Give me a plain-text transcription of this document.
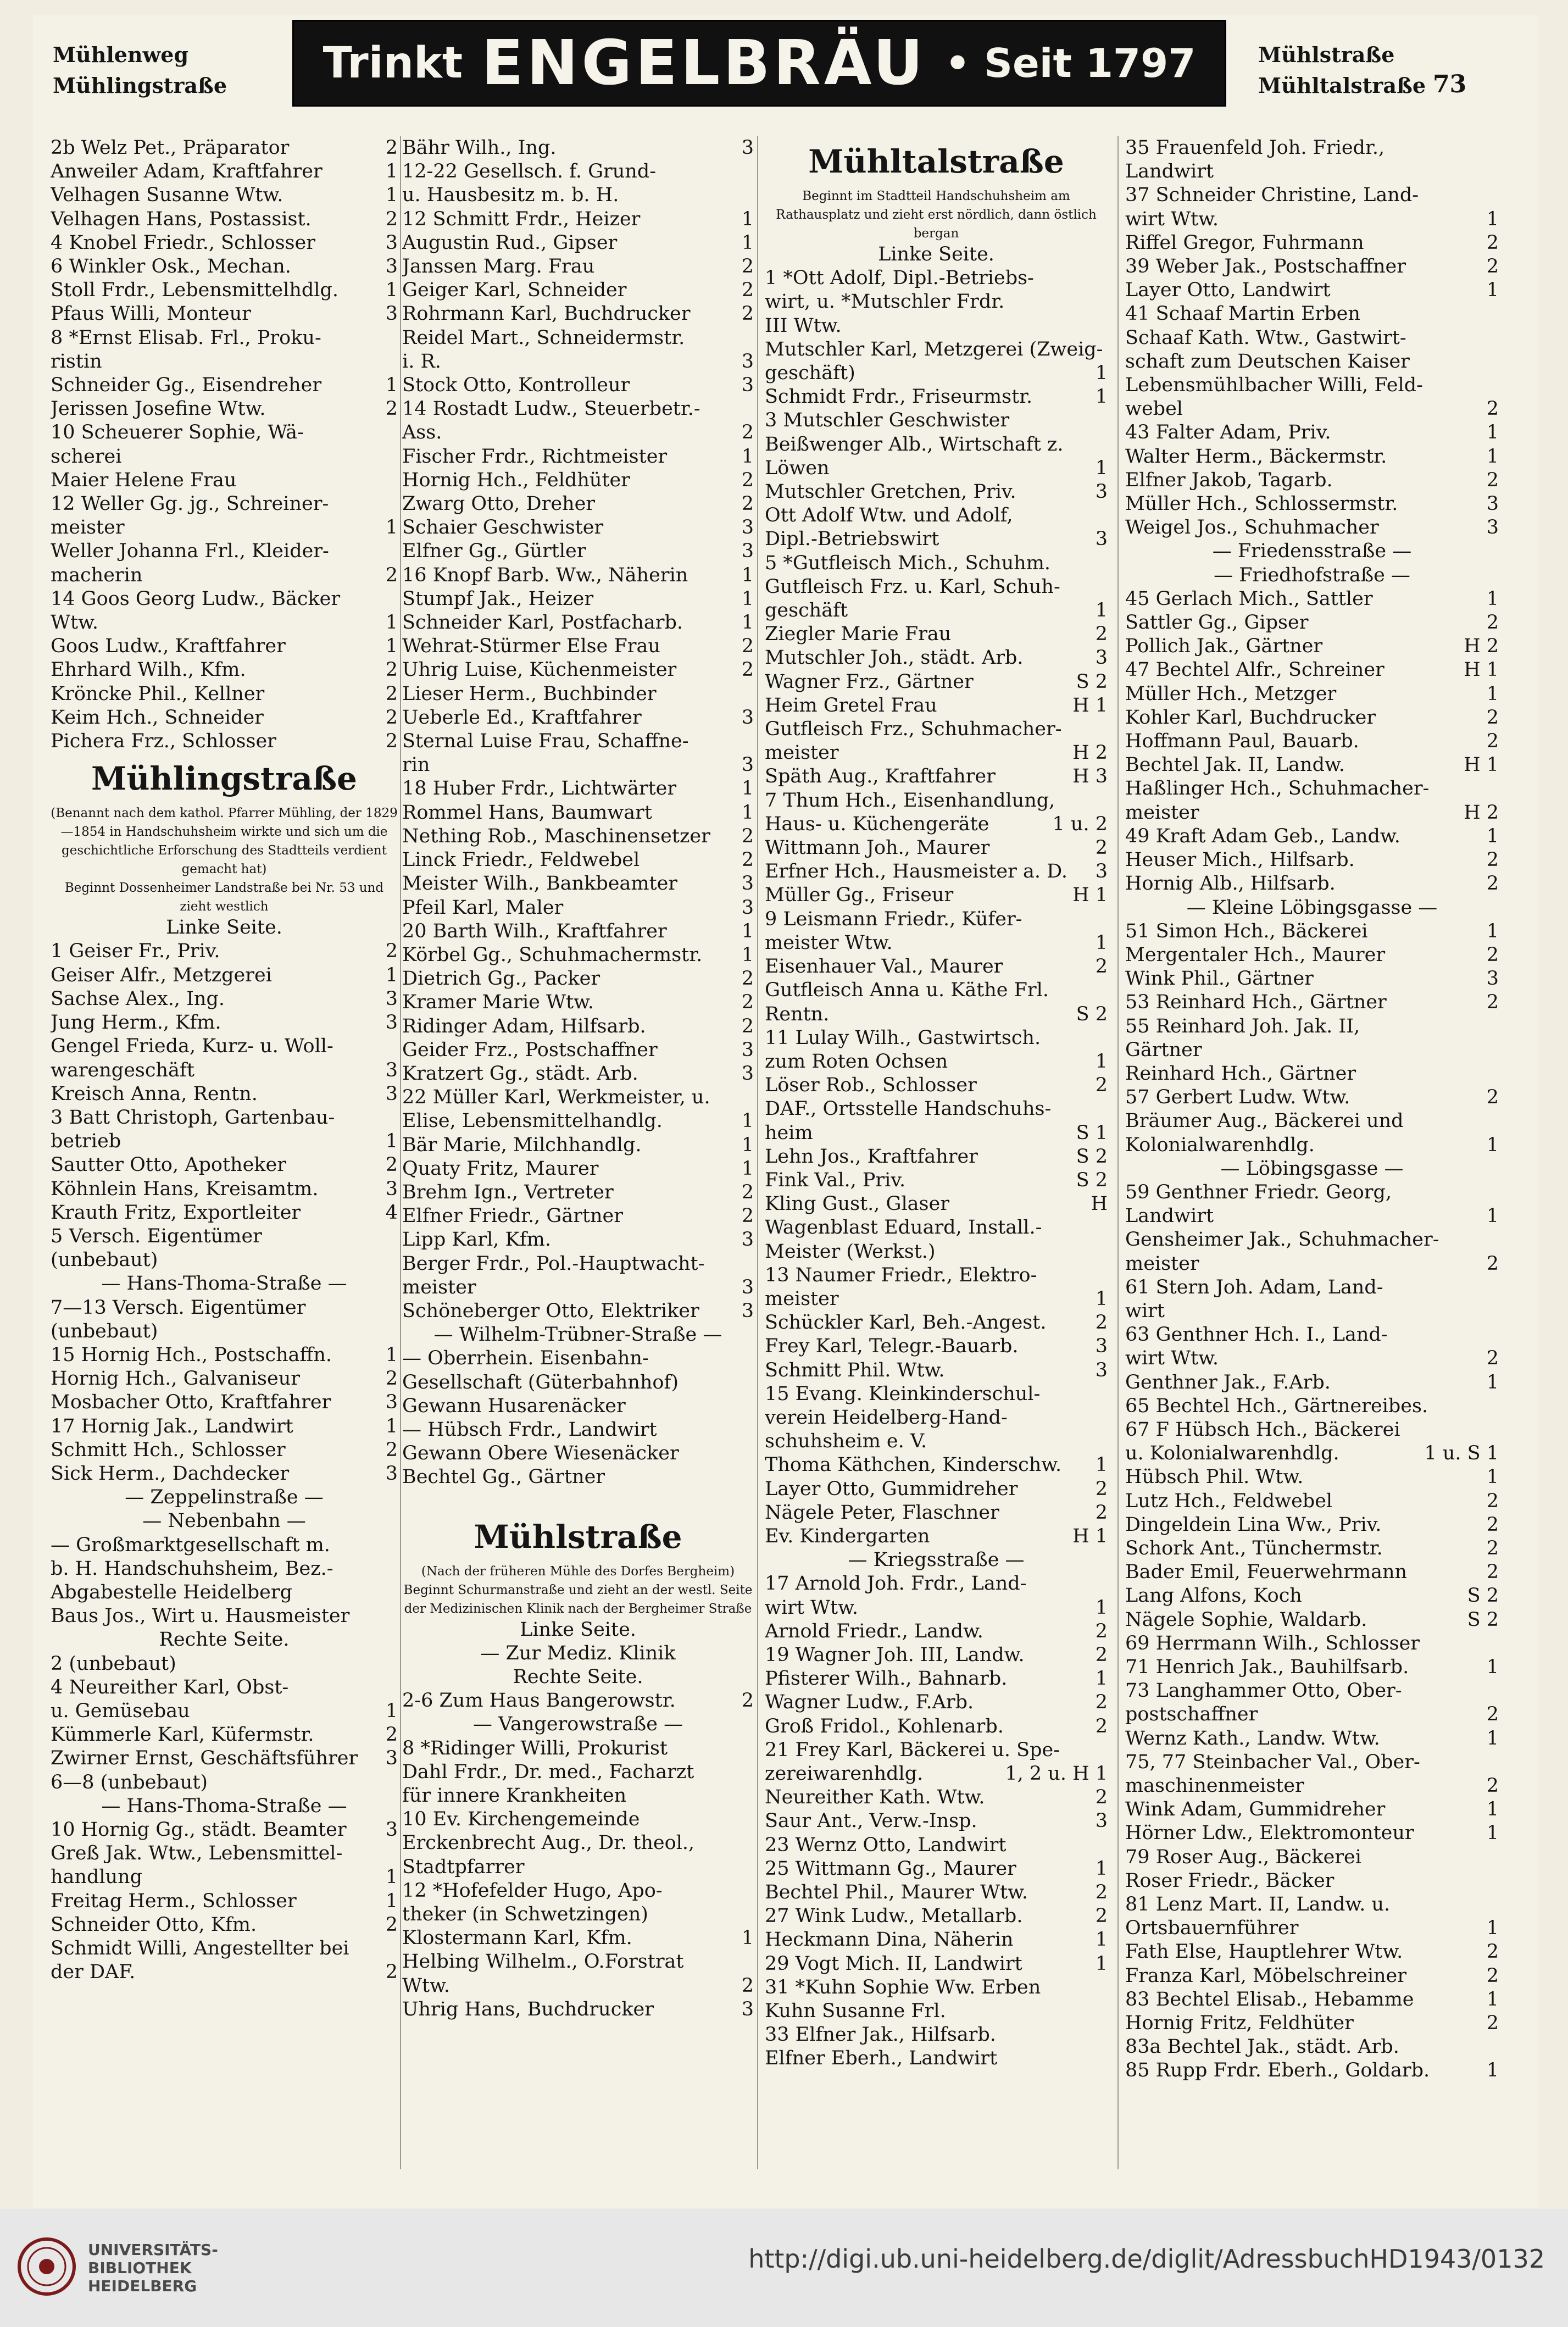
Mühlenweg
Mühlingstraße Trinkt ENGELBRÄU • Seit 1797	Mühlstraße
Mühltalstraße 73
2b Welz Pet., Präparator	2
Anweiler Adam, Kraftfahrer	1
Velhagen Susanne Wtw.	1
Velhagen Hans, Postassist.	2
4 Knobel Friedr., Schlosser	3
6 Winkler Osk., Mechan.	3
Stoll Frdr., Lebensmittelhdlg.	1
Pfaus Willi, Monteur	3
8 *Ernst Elisab. Frl., Proku-
ristin
Schneider Gg., Eisendreher	1
Jerissen Josefine Wtw.	2
10 Scheuerer Sophie, Wä-
scherei
Maier Helene Frau
12 Weller Gg. jg., Schreiner-
meister	1
Weller Johanna Frl., Kleider-
macherin	2
14 Goos Georg Ludw., Bäcker
Wtw.	1
Goos Ludw., Kraftfahrer	1
Ehrhard Wilh., Kfm.	2
Kröncke Phil., Kellner	2
Keim Hch., Schneider	2
Pichera Frz., Schlosser	2
Mühlingstraße
(Benannt nach dem kathol. Pfarrer Mühling, der 1829—1854 in Handschuhsheim wirkte und sich um die geschichtliche Erforschung des Stadtteils verdient gemacht hat)
Beginnt Dossenheimer Landstraße bei Nr. 53 und zieht westlich
Linke Seite.
1 Geiser Fr., Priv.	2
Geiser Alfr., Metzgerei	1
Sachse Alex., Ing.	3
Jung Herm., Kfm.	3
Gengel Frieda, Kurz- u. Woll-
warengeschäft	3
Kreisch Anna, Rentn.	3
3 Batt Christoph, Gartenbau-
betrieb	1
Sautter Otto, Apotheker	2
Köhnlein Hans, Kreisamtm.	3
Krauth Fritz, Exportleiter	4
5 Versch. Eigentümer
(unbebaut)
— Hans-Thoma-Straße —
7—13 Versch. Eigentümer
(unbebaut)
15 Hornig Hch., Postschaffn.	1
Hornig Hch., Galvaniseur	2
Mosbacher Otto, Kraftfahrer	3
17 Hornig Jak., Landwirt	1
Schmitt Hch., Schlosser	2
Sick Herm., Dachdecker	3
— Zeppelinstraße —
— Nebenbahn —
— Großmarktgesellschaft m.
b. H. Handschuhsheim, Bez.-
Abgabestelle Heidelberg
Baus Jos., Wirt u. Hausmeister
Rechte Seite.
2 (unbebaut)
4 Neureither Karl, Obst-
u. Gemüsebau	1
Kümmerle Karl, Küfermstr.	2
Zwirner Ernst, Geschäftsführer	3
6—8 (unbebaut)
— Hans-Thoma-Straße —
10 Hornig Gg., städt. Beamter	3
Greß Jak. Wtw., Lebensmittel-
handlung	1
Freitag Herm., Schlosser	1
Schneider Otto, Kfm.	2
Schmidt Willi, Angestellter bei
der DAF.	2
Bähr Wilh., Ing.	3
12-22 Gesellsch. f. Grund-
u. Hausbesitz m. b. H.
12 Schmitt Frdr., Heizer	1
Augustin Rud., Gipser	1
Janssen Marg. Frau	2
Geiger Karl, Schneider	2
Rohrmann Karl, Buchdrucker	2
Reidel Mart., Schneidermstr.
i. R.	3
Stock Otto, Kontrolleur	3
14 Rostadt Ludw., Steuerbetr.-
Ass.	2
Fischer Frdr., Richtmeister	1
Hornig Hch., Feldhüter	2
Zwarg Otto, Dreher	2
Schaier Geschwister	3
Elfner Gg., Gürtler	3
16 Knopf Barb. Ww., Näherin	1
Stumpf Jak., Heizer	1
Schneider Karl, Postfacharb.	1
Wehrat-Stürmer Else Frau	2
Uhrig Luise, Küchenmeister	2
Lieser Herm., Buchbinder
Ueberle Ed., Kraftfahrer	3
Sternal Luise Frau, Schaffne-
rin	3
18 Huber Frdr., Lichtwärter	1
Rommel Hans, Baumwart	1
Nething Rob., Maschinensetzer	2
Linck Friedr., Feldwebel	2
Meister Wilh., Bankbeamter	3
Pfeil Karl, Maler	3
20 Barth Wilh., Kraftfahrer	1
Körbel Gg., Schuhmachermstr.	1
Dietrich Gg., Packer	2
Kramer Marie Wtw.	2
Ridinger Adam, Hilfsarb.	2
Geider Frz., Postschaffner	3
Kratzert Gg., städt. Arb.	3
22 Müller Karl, Werkmeister, u.
Elise, Lebensmittelhandlg.	1
Bär Marie, Milchhandlg.	1
Quaty Fritz, Maurer	1
Brehm Ign., Vertreter	2
Elfner Friedr., Gärtner	2
Lipp Karl, Kfm.	3
Berger Frdr., Pol.-Hauptwacht-
meister	3
Schöneberger Otto, Elektriker	3
— Wilhelm-Trübner-Straße —
— Oberrhein. Eisenbahn-
Gesellschaft (Güterbahnhof)
Gewann Husarenäcker
— Hübsch Frdr., Landwirt
Gewann Obere Wiesenäcker
Bechtel Gg., Gärtner
Mühlstraße
(Nach der früheren Mühle des Dorfes Bergheim)
Beginnt Schurmanstraße und zieht an der westl. Seite der Medizinischen Klinik nach der Bergheimer Straße
Linke Seite.
— Zur Mediz. Klinik
Rechte Seite.
2-6 Zum Haus Bangerowstr.	2
— Vangerowstraße —
8 *Ridinger Willi, Prokurist
Dahl Frdr., Dr. med., Facharzt
für innere Krankheiten
10 Ev. Kirchengemeinde
Erckenbrecht Aug., Dr. theol.,
Stadtpfarrer
12 *Hofefelder Hugo, Apo-
theker (in Schwetzingen)
Klostermann Karl, Kfm.	1
Helbing Wilhelm., O.Forstrat
Wtw.	2
Uhrig Hans, Buchdrucker	3
Mühltalstraße
Beginnt im Stadtteil Handschuhsheim am Rathausplatz und zieht erst nördlich, dann östlich bergan
Linke Seite.
1 *Ott Adolf, Dipl.-Betriebs-
wirt, u. *Mutschler Frdr.
III Wtw.
Mutschler Karl, Metzgerei (Zweig-
geschäft)	1
Schmidt Frdr., Friseurmstr.	1
3 Mutschler Geschwister
Beißwenger Alb., Wirtschaft z.
Löwen	1
Mutschler Gretchen, Priv.	3
Ott Adolf Wtw. und Adolf,
Dipl.-Betriebswirt	3
5 *Gutfleisch Mich., Schuhm.
Gutfleisch Frz. u. Karl, Schuh-
geschäft	1
Ziegler Marie Frau	2
Mutschler Joh., städt. Arb.	3
Wagner Frz., Gärtner	S 2
Heim Gretel Frau	H 1
Gutfleisch Frz., Schuhmacher-
meister	H 2
Späth Aug., Kraftfahrer	H 3
7 Thum Hch., Eisenhandlung,
Haus- u. Küchengeräte	1 u. 2
Wittmann Joh., Maurer	2
Erfner Hch., Hausmeister a. D.	3
Müller Gg., Friseur	H 1
9 Leismann Friedr., Küfer-
meister Wtw.	1
Eisenhauer Val., Maurer	2
Gutfleisch Anna u. Käthe Frl.
Rentn.	S 2
11 Lulay Wilh., Gastwirtsch.
zum Roten Ochsen	1
Löser Rob., Schlosser	2
DAF., Ortsstelle Handschuhs-
heim	S 1
Lehn Jos., Kraftfahrer	S 2
Fink Val., Priv.	S 2
Kling Gust., Glaser	H
Wagenblast Eduard, Install.-
Meister (Werkst.)
13 Naumer Friedr., Elektro-
meister	1
Schückler Karl, Beh.-Angest.	2
Frey Karl, Telegr.-Bauarb.	3
Schmitt Phil. Wtw.	3
15 Evang. Kleinkinderschul-
verein Heidelberg-Hand-
schuhsheim e. V.
Thoma Käthchen, Kinderschw.	1
Layer Otto, Gummidreher	2
Nägele Peter, Flaschner	2
Ev. Kindergarten	H 1
— Kriegsstraße —
17 Arnold Joh. Frdr., Land-
wirt Wtw.	1
Arnold Friedr., Landw.	2
19 Wagner Joh. III, Landw.	2
Pfisterer Wilh., Bahnarb.	1
Wagner Ludw., F.Arb.	2
Groß Fridol., Kohlenarb.	2
21 Frey Karl, Bäckerei u. Spe-
zereiwarenhdlg.	1, 2 u. H 1
Neureither Kath. Wtw.	2
Saur Ant., Verw.-Insp.	3
23 Wernz Otto, Landwirt
25 Wittmann Gg., Maurer	1
Bechtel Phil., Maurer Wtw.	2
27 Wink Ludw., Metallarb.	2
Heckmann Dina, Näherin	1
29 Vogt Mich. II, Landwirt	1
31 *Kuhn Sophie Ww. Erben
Kuhn Susanne Frl.
33 Elfner Jak., Hilfsarb.
Elfner Eberh., Landwirt
35 Frauenfeld Joh. Friedr.,
Landwirt
37 Schneider Christine, Land-
wirt Wtw.	1
Riffel Gregor, Fuhrmann	2
39 Weber Jak., Postschaffner	2
Layer Otto, Landwirt	1
41 Schaaf Martin Erben
Schaaf Kath. Wtw., Gastwirt-
schaft zum Deutschen Kaiser
Lebensmühlbacher Willi, Feld-
webel	2
43 Falter Adam, Priv.	1
Walter Herm., Bäckermstr.	1
Elfner Jakob, Tagarb.	2
Müller Hch., Schlossermstr.	3
Weigel Jos., Schuhmacher	3
— Friedensstraße —
— Friedhofstraße —
45 Gerlach Mich., Sattler	1
Sattler Gg., Gipser	2
Pollich Jak., Gärtner	H 2
47 Bechtel Alfr., Schreiner	H 1
Müller Hch., Metzger	1
Kohler Karl, Buchdrucker	2
Hoffmann Paul, Bauarb.	2
Bechtel Jak. II, Landw.	H 1
Haßlinger Hch., Schuhmacher-
meister	H 2
49 Kraft Adam Geb., Landw.	1
Heuser Mich., Hilfsarb.	2
Hornig Alb., Hilfsarb.	2
— Kleine Löbingsgasse —
51 Simon Hch., Bäckerei	1
Mergentaler Hch., Maurer	2
Wink Phil., Gärtner	3
53 Reinhard Hch., Gärtner	2
55 Reinhard Joh. Jak. II,
Gärtner
Reinhard Hch., Gärtner
57 Gerbert Ludw. Wtw.	2
Bräumer Aug., Bäckerei und
Kolonialwarenhdlg.	1
— Löbingsgasse —
59 Genthner Friedr. Georg,
Landwirt	1
Gensheimer Jak., Schuhmacher-
meister	2
61 Stern Joh. Adam, Land-
wirt
63 Genthner Hch. I., Land-
wirt Wtw.	2
Genthner Jak., F.Arb.	1
65 Bechtel Hch., Gärtnereibes.
67 F Hübsch Hch., Bäckerei
u. Kolonialwarenhdlg.	1 u. S 1
Hübsch Phil. Wtw.	1
Lutz Hch., Feldwebel	2
Dingeldein Lina Ww., Priv.	2
Schork Ant., Tünchermstr.	2
Bader Emil, Feuerwehrmann	2
Lang Alfons, Koch	S 2
Nägele Sophie, Waldarb.	S 2
69 Herrmann Wilh., Schlosser
71 Henrich Jak., Bauhilfsarb.	1
73 Langhammer Otto, Ober-
postschaffner	2
Wernz Kath., Landw. Wtw.	1
75, 77 Steinbacher Val., Ober-
maschinenmeister	2
Wink Adam, Gummidreher	1
Hörner Ldw., Elektromonteur	1
79 Roser Aug., Bäckerei
Roser Friedr., Bäcker
81 Lenz Mart. II, Landw. u.
Ortsbauernführer	1
Fath Else, Hauptlehrer Wtw.	2
Franza Karl, Möbelschreiner	2
83 Bechtel Elisab., Hebamme	1
Hornig Fritz, Feldhüter	2
83a Bechtel Jak., städt. Arb.
85 Rupp Frdr. Eberh., Goldarb.	1
UNIVERSITÄTS-
BIBLIOTHEK
HEIDELBERG
http://digi.ub.uni-heidelberg.de/diglit/AdressbuchHD1943/0132
